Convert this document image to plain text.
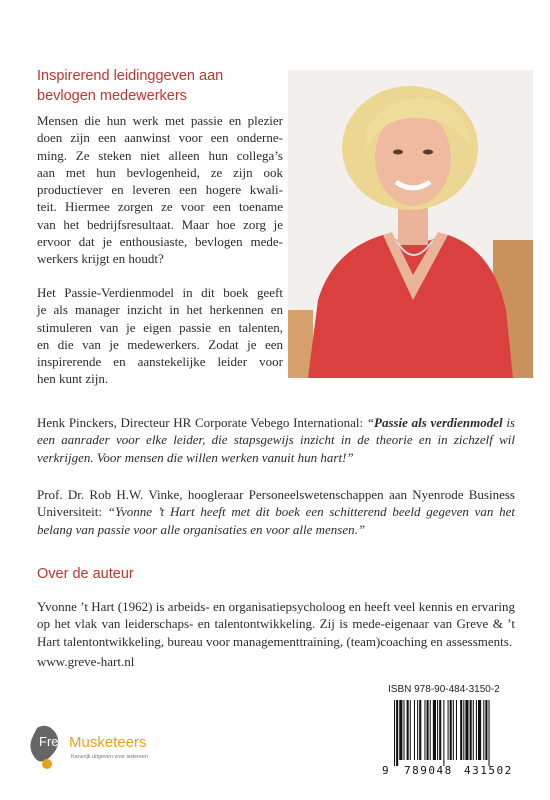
Inspirerend leidinggeven aan
bevlogen medewerkers
Mensen die hun werk met passie en plezier
doen zijn een aanwinst voor een onderne-
ming. Ze steken niet alleen hun collega’s
aan met hun bevlogenheid, ze zijn ook
productiever en leveren een hogere kwali-
teit. Hiermee zorgen ze voor een toename
van het bedrijfsresultaat. Maar hoe zorg je
ervoor dat je enthousiaste, bevlogen mede-
werkers krijgt en houdt?
Het Passie-Verdienmodel in dit boek geeft
je als manager inzicht in het herkennen en
stimuleren van je eigen passie en talenten,
en die van je medewerkers. Zodat je een
inspirerende en aanstekelijke leider voor
hen kunt zijn.

Henk Pinckers, Directeur HR Corporate Vebego International: “Passie als verdienmodel is een aanrader voor elke leider, die stapsgewijs inzicht in de theorie en in zichzelf wil verkrijgen. Voor mensen die willen werken vanuit hun hart!”

Prof. Dr. Rob H.W. Vinke, hoogleraar Personeelswetenschappen aan Nyenrode Business Universiteit: “Yvonne ’t Hart heeft met dit boek een schitterend beeld gegeven van het belang van passie voor alle organisaties en voor alle mensen.”

Over de auteur

Yvonne ’t Hart (1962) is arbeids- en organisatiepsycholoog en heeft veel kennis en ervaring op het vlak van leiderschaps- en talentontwikkeling. Zij is mede-eigenaar van Greve & ’t Hart talentontwikkeling, bureau voor managementtraining, (team)coaching en assessments.

www.greve-hart.nl

ISBN 978-90-484-3150-2
9 789048 431502
Free Musketeers
Kansrijk uitgeven voor iedereen
